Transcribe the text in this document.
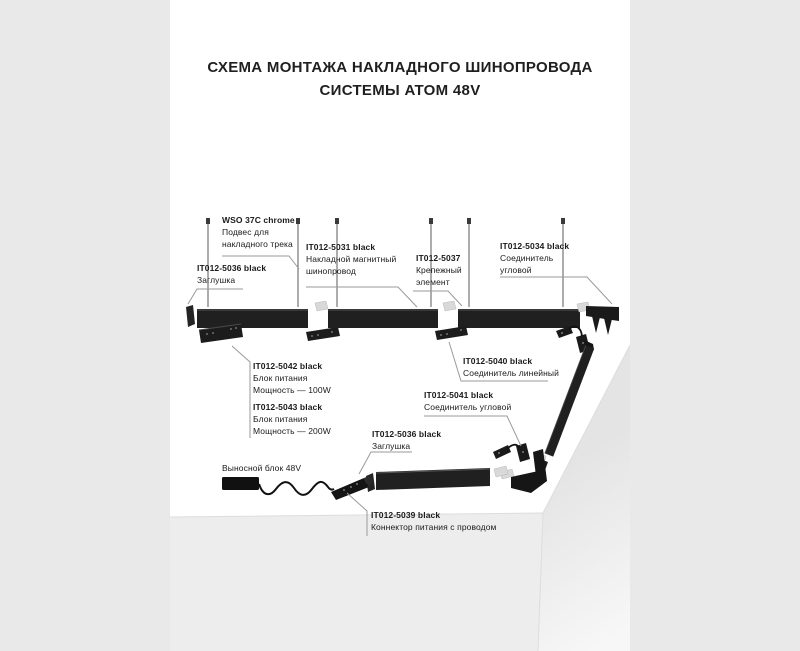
СХЕМА МОНТАЖА НАКЛАДНОГО ШИНОПРОВОДА
СИСТЕМЫ ATOM 48V
WSO 37C chrome
Подвес для
накладного трека
IT012-5036 black
Заглушка
IT012-5031 black
Накладной магнитный
шинопровод
IT012-5037
Крепежный
элемент
IT012-5034 black
Соединитель
угловой
IT012-5042 black
Блок питания
Мощность — 100W
IT012-5043 black
Блок питания
Мощность — 200W
IT012-5040 black
Соединитель линейный
IT012-5041 black
Соединитель угловой
IT012-5036 black
Заглушка
Выносной блок 48V
IT012-5039 black
Коннектор питания с проводом
